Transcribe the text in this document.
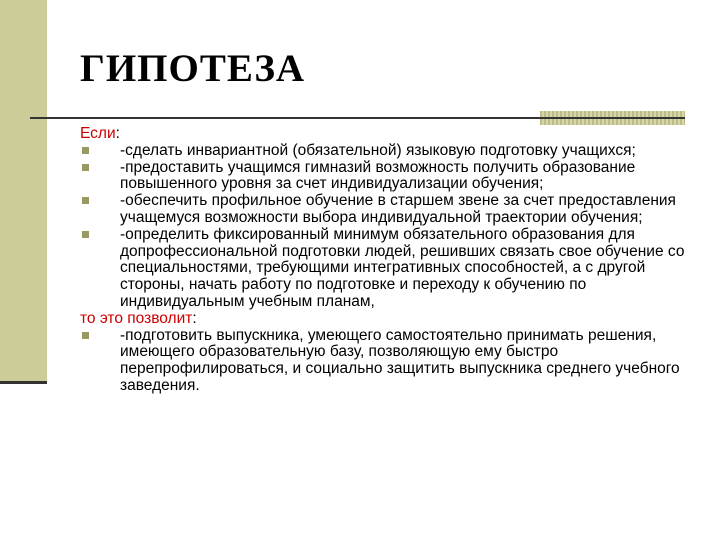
ГИПОТЕЗА
Если:
-сделать инвариантной (обязательной) языковую подготовку учащихся;
-предоставить учащимся гимназий возможность получить образование повышенного уровня за счет индивидуализации обучения;
-обеспечить профильное обучение в старшем звене за счет предоставления учащемуся возможности выбора индивидуальной траектории обучения;
-определить фиксированный минимум обязательного образования для допрофессиональной подготовки людей, решивших связать свое обучение со специальностями, требующими интегративных способностей, а с другой стороны, начать работу по подготовке и переходу к обучению по индивидуальным учебным планам,
то это позволит:
-подготовить выпускника, умеющего самостоятельно принимать решения, имеющего образовательную базу, позволяющую ему быстро перепрофилироваться, и социально защитить выпускника среднего учебного заведения.
